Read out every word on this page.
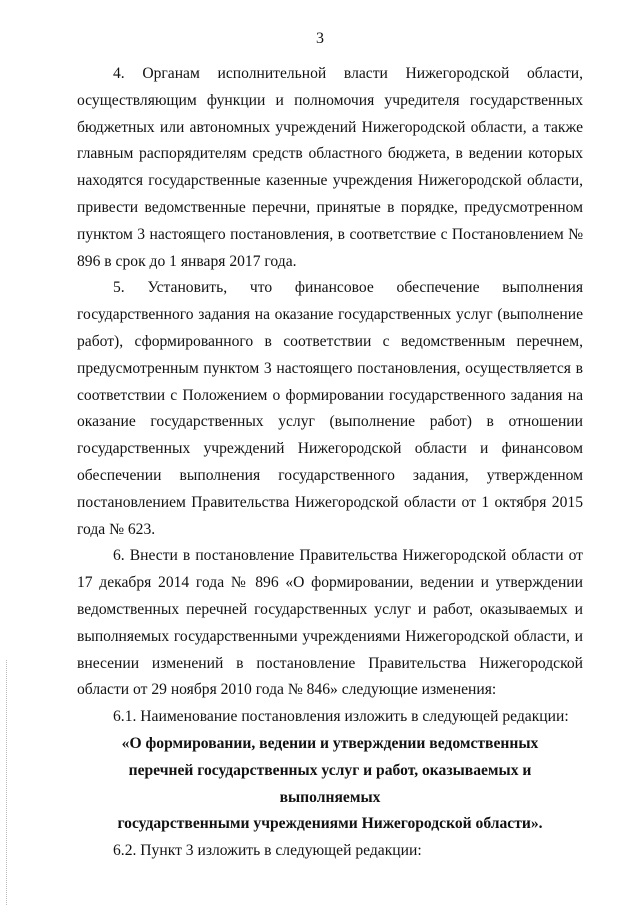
3

4. Органам исполнительной власти Нижегородской области, осуществляющим функции и полномочия учредителя государственных бюджетных или автономных учреждений Нижегородской области, а также главным распорядителям средств областного бюджета, в ведении которых находятся государственные казенные учреждения Нижегородской области, привести ведомственные перечни, принятые в порядке, предусмотренном пунктом 3 настоящего постановления, в соответствие с Постановлением № 896 в срок до 1 января 2017 года.

5. Установить, что финансовое обеспечение выполнения государственного задания на оказание государственных услуг (выполнение работ), сформированного в соответствии с ведомственным перечнем, предусмотренным пунктом 3 настоящего постановления, осуществляется в соответствии с Положением о формировании государственного задания на оказание государственных услуг (выполнение работ) в отношении государственных учреждений Нижегородской области и финансовом обеспечении выполнения государственного задания, утвержденном постановлением Правительства Нижегородской области от 1 октября 2015 года № 623.

6. Внести в постановление Правительства Нижегородской области от 17 декабря 2014 года № 896 «О формировании, ведении и утверждении ведомственных перечней государственных услуг и работ, оказываемых и выполняемых государственными учреждениями Нижегородской области, и внесении изменений в постановление Правительства Нижегородской области от 29 ноября 2010 года № 846» следующие изменения:

6.1. Наименование постановления изложить в следующей редакции:

«О формировании, ведении и утверждении ведомственных
перечней государственных услуг и работ, оказываемых и выполняемых
государственными учреждениями Нижегородской области».

6.2. Пункт 3 изложить в следующей редакции:
